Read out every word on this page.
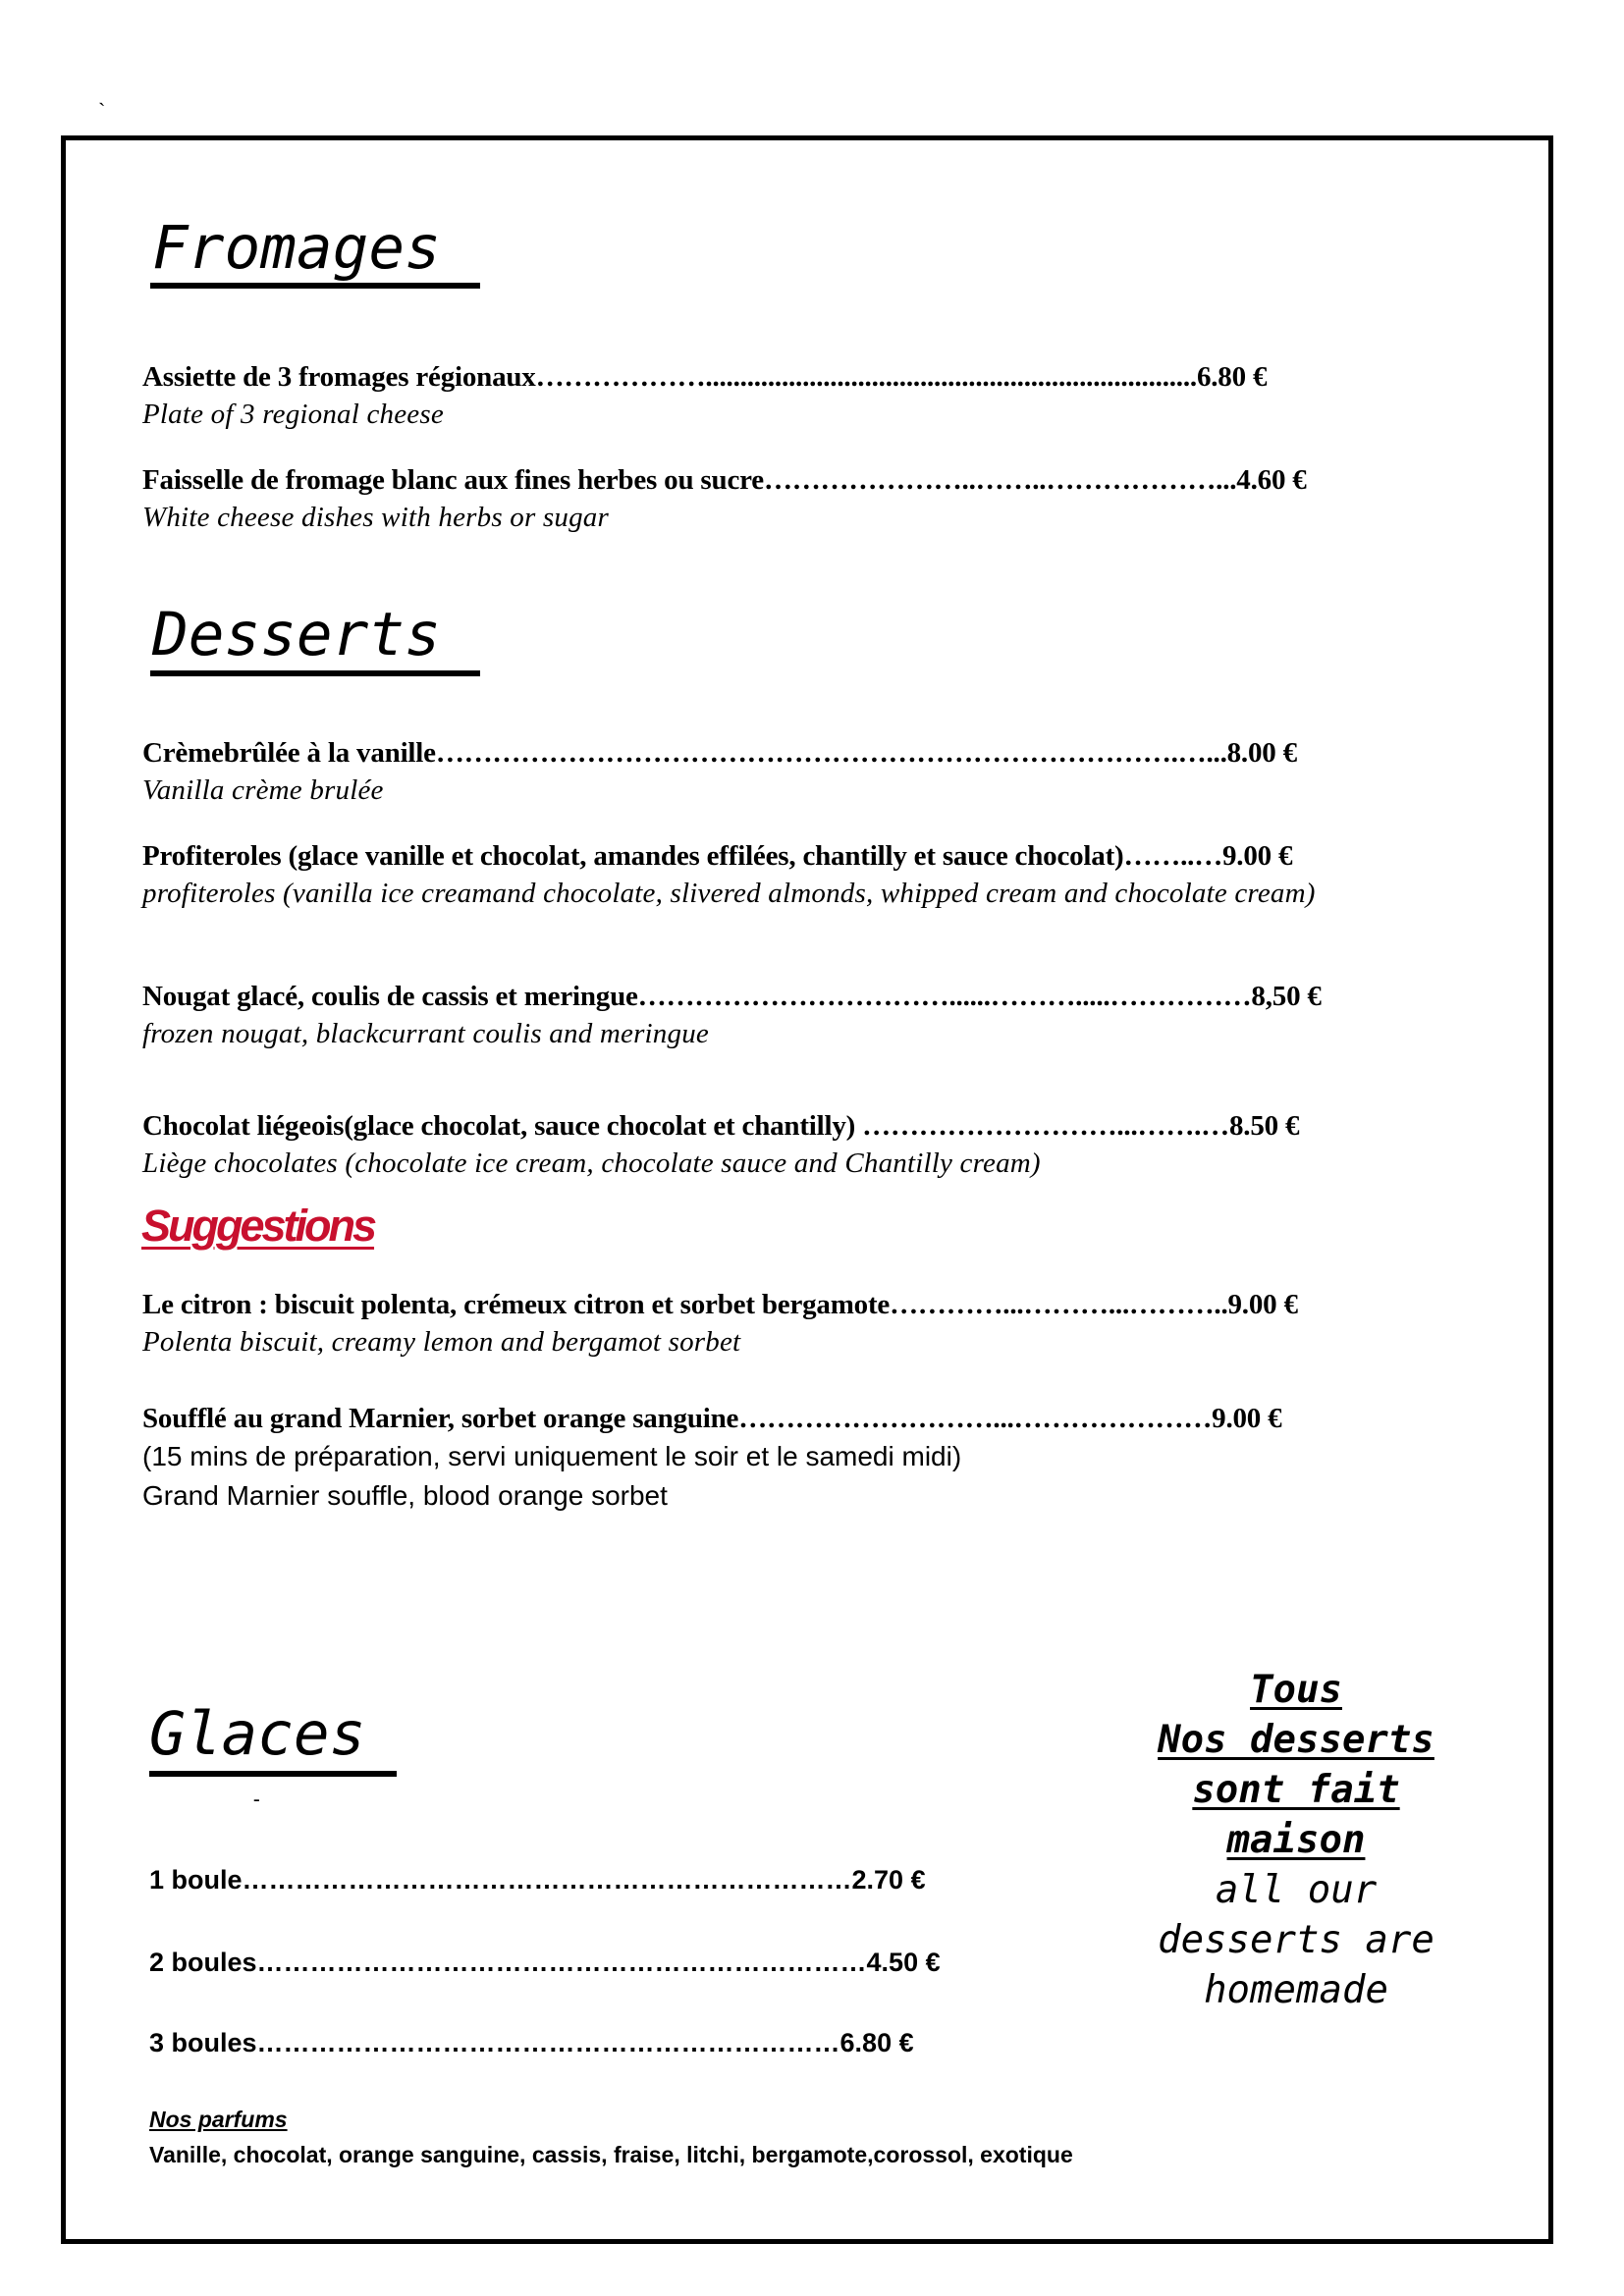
`
Fromages
Assiette de 3 fromages régionaux……………….......................................................................6.80 €
Plate of 3 regional cheese
Faisselle de fromage blanc aux fines herbes ou sucre…………………..……..………………...4.60 €
White cheese dishes with herbs or sugar
Desserts
Crèmebrûlée à la vanille…………………………………………………………………….…...8.00 €
Vanilla crème brulée
Profiteroles (glace vanille et chocolat, amandes effilées, chantilly et sauce chocolat)……..…9.00 €
profiteroles (vanilla ice creamand chocolate, slivered almonds, whipped cream and chocolate cream)
Nougat glacé, coulis de cassis et meringue……………………………......……….....……………8,50 €
frozen nougat, blackcurrant coulis and meringue
Chocolat liégeois(glace chocolat, sauce chocolat et chantilly) ………………………...…….…8.50 €
Liège chocolates (chocolate ice cream, chocolate sauce and Chantilly cream)
Suggestions
Le citron : biscuit polenta, crémeux citron et sorbet bergamote…………...………...………..9.00 €
Polenta biscuit, creamy lemon and bergamot sorbet
Soufflé au grand Marnier, sorbet orange sanguine………………………...…………………9.00 €
(15 mins de préparation, servi uniquement le soir et le samedi midi)
Grand Marnier souffle, blood orange sorbet
Glaces
-
1 boule……………………………………………………………2.70 €
2 boules……………………………………………………………4.50 €
3 boules…………………………………………………………6.80 €
Nos parfums
Vanille, chocolat, orange sanguine, cassis, fraise, litchi, bergamote,corossol, exotique
Tous
Nos desserts
sont fait
maison
all our
desserts are
homemade
